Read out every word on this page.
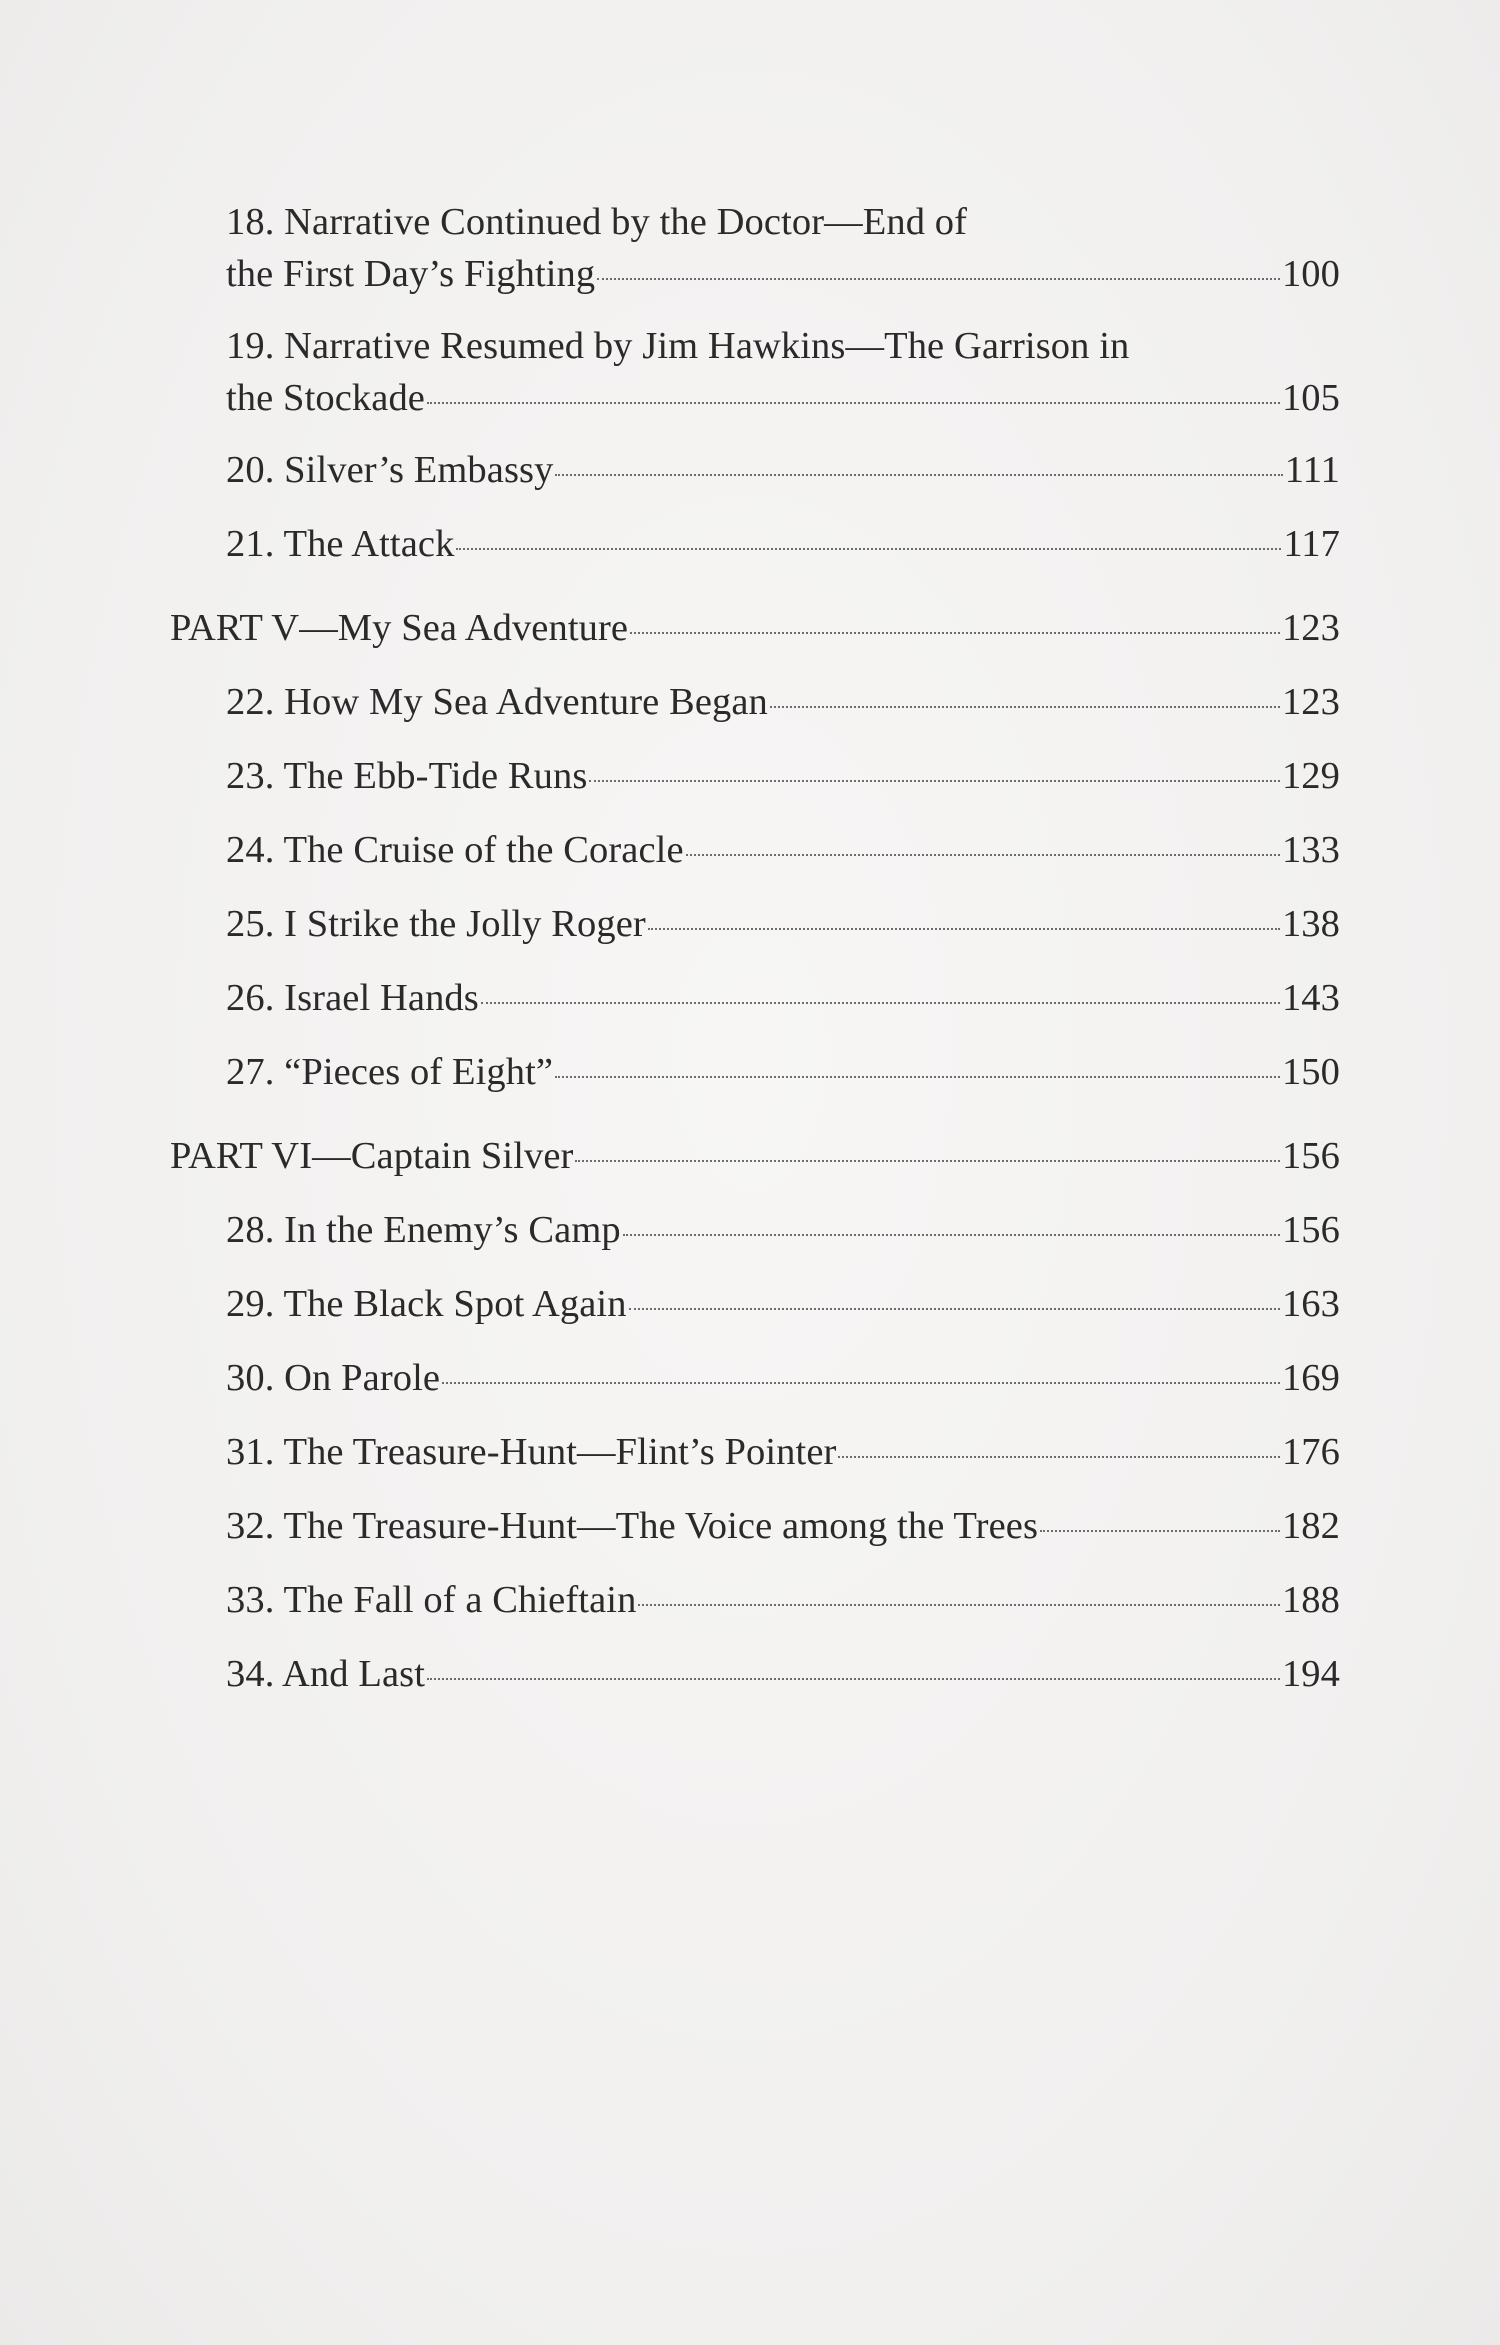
18. Narrative Continued by the Doctor—End of
the First Day’s Fighting	100
19. Narrative Resumed by Jim Hawkins—The Garrison in
the Stockade	105
20. Silver’s Embassy	111
21. The Attack	117
PART V—My Sea Adventure	123
22. How My Sea Adventure Began	123
23. The Ebb-Tide Runs	129
24. The Cruise of the Coracle	133
25. I Strike the Jolly Roger	138
26. Israel Hands	143
27. “Pieces of Eight”	150
PART VI—Captain Silver	156
28. In the Enemy’s Camp	156
29. The Black Spot Again	163
30. On Parole	169
31. The Treasure-Hunt—Flint’s Pointer	176
32. The Treasure-Hunt—The Voice among the Trees	182
33. The Fall of a Chieftain	188
34. And Last	194
